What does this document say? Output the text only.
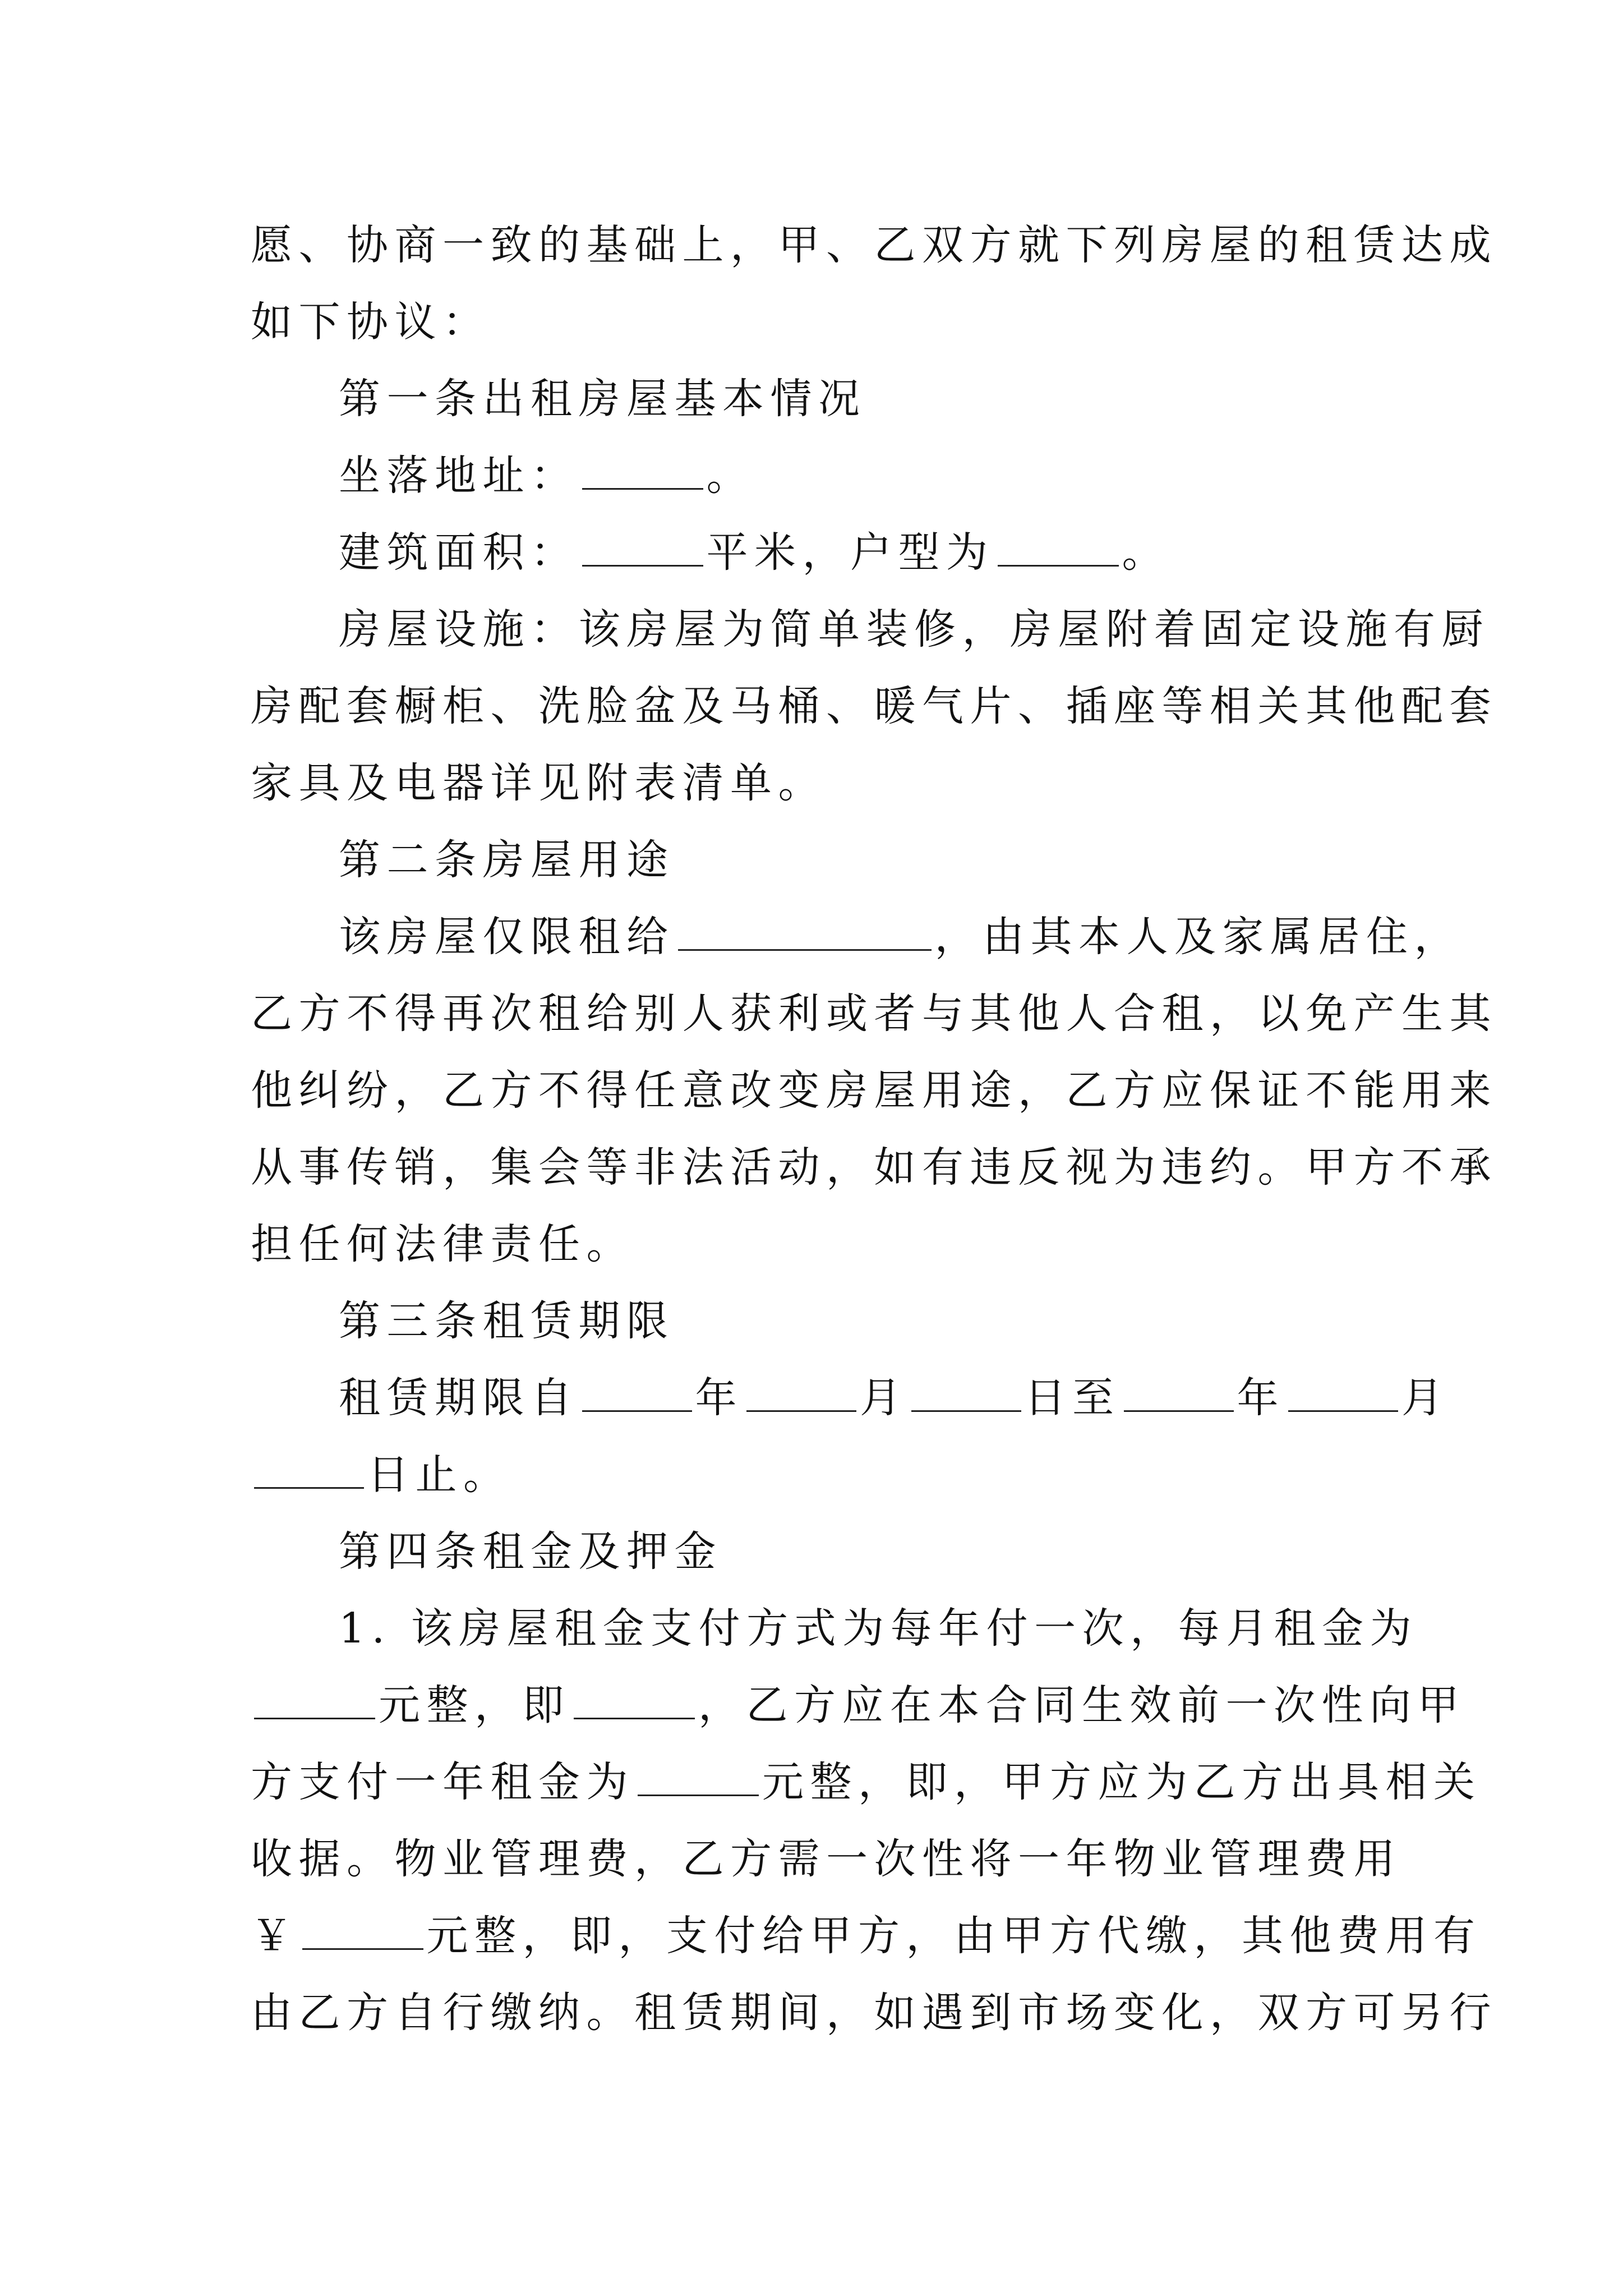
愿、协商一致的基础上，甲、乙双方就下列房屋的租赁达成
如下协议：
第一条出租房屋基本情况
坐落地址：	。
建筑面积：	平米，户型为	。
房屋设施：该房屋为简单装修，房屋附着固定设施有厨
房配套橱柜、洗脸盆及马桶、暖气片、插座等相关其他配套
家具及电器详见附表清单。
第二条房屋用途
该房屋仅限租给	，由其本人及家属居住，
乙方不得再次租给别人获利或者与其他人合租，以免产生其
他纠纷，乙方不得任意改变房屋用途，乙方应保证不能用来
从事传销，集会等非法活动，如有违反视为违约。甲方不承
担任何法律责任。
第三条租赁期限
租赁期限自	年	月	日至	年	月
日止。
第四条租金及押金
1. 该房屋租金支付方式为每年付一次，每月租金为
元整，即	，乙方应在本合同生效前一次性向甲
方支付一年租金为	元整，即，甲方应为乙方出具相关
收据。物业管理费，乙方需一次性将一年物业管理费用
￥	元整，即，支付给甲方，由甲方代缴，其他费用有
由乙方自行缴纳。租赁期间，如遇到市场变化，双方可另行
